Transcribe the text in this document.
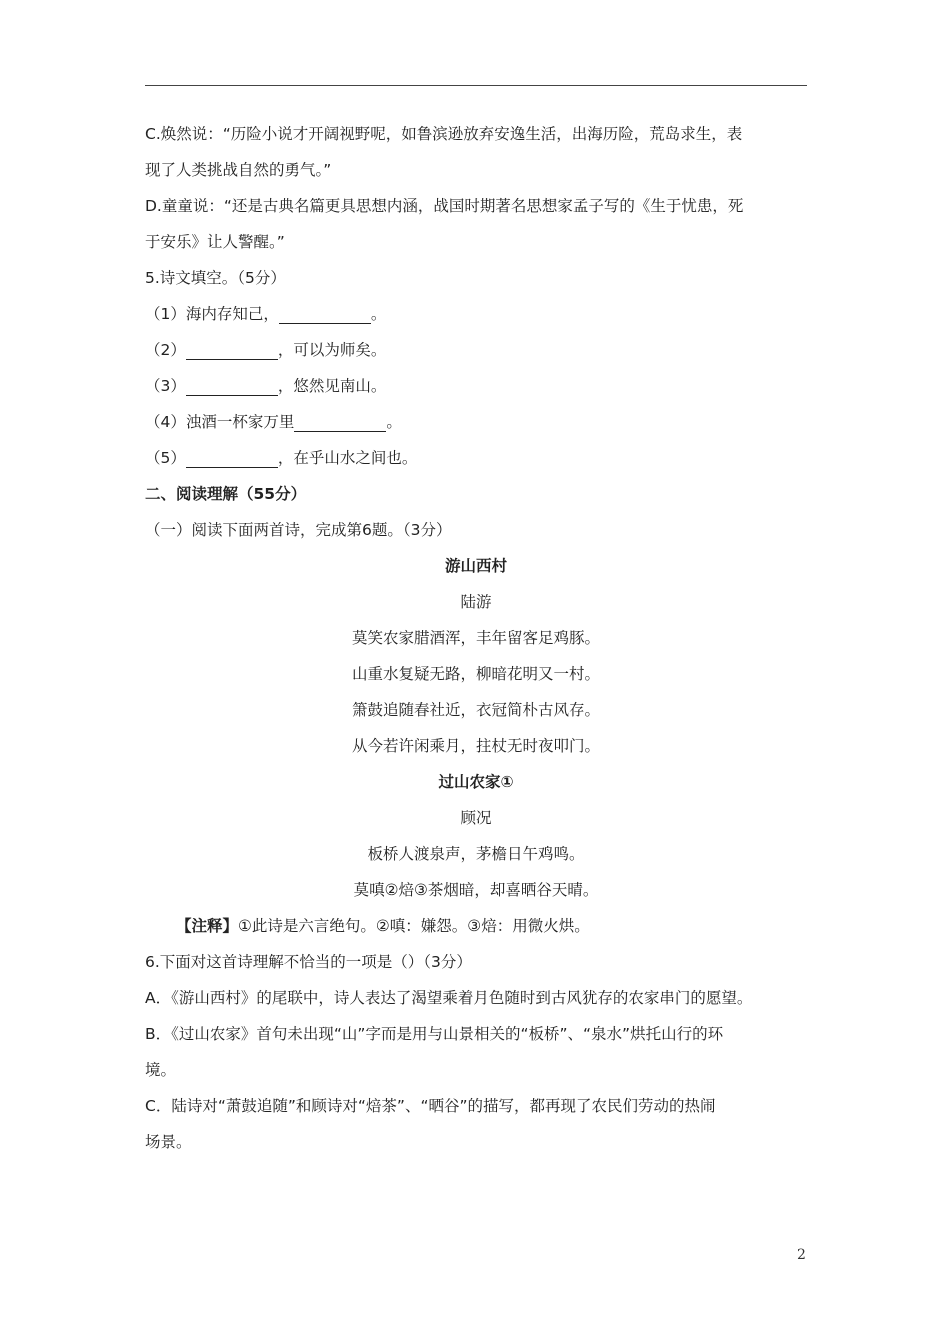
C.焕然说：“历险小说才开阔视野呢，如鲁滨逊放弃安逸生活，出海历险，荒岛求生，表
现了人类挑战自然的勇气。”
D.童童说：“还是古典名篇更具思想内涵，战国时期著名思想家孟子写的《生于忧患，死
于安乐》让人警醒。”
5.诗文填空。（5分）
（1）海内存知己，	。
（2）	，可以为师矣。
（3）	，悠然见南山。
（4）浊酒一杯家万里	。
（5）	，在乎山水之间也。
二、阅读理解（55分）
（一）阅读下面两首诗，完成第6题。（3分）
游山西村
陆游
莫笑农家腊酒浑，丰年留客足鸡豚。
山重水复疑无路，柳暗花明又一村。
箫鼓追随春社近，衣冠简朴古风存。
从今若许闲乘月，拄杖无时夜叩门。
过山农家①
顾况
板桥人渡泉声，茅檐日午鸡鸣。
莫嗔②焙③茶烟暗，却喜晒谷天晴。
【注释】①此诗是六言绝句。②嗔：嫌怨。③焙：用微火烘。
6.下面对这首诗理解不恰当的一项是（）（3分）
A．《游山西村》的尾联中，诗人表达了渴望乘着月色随时到古风犹存的农家串门的愿望。
B．《过山农家》首句未出现“山”字而是用与山景相关的“板桥”、“泉水”烘托山行的环
境。
C．陆诗对“萧鼓追随”和顾诗对“焙茶”、“晒谷”的描写，都再现了农民们劳动的热闹
场景。
2
